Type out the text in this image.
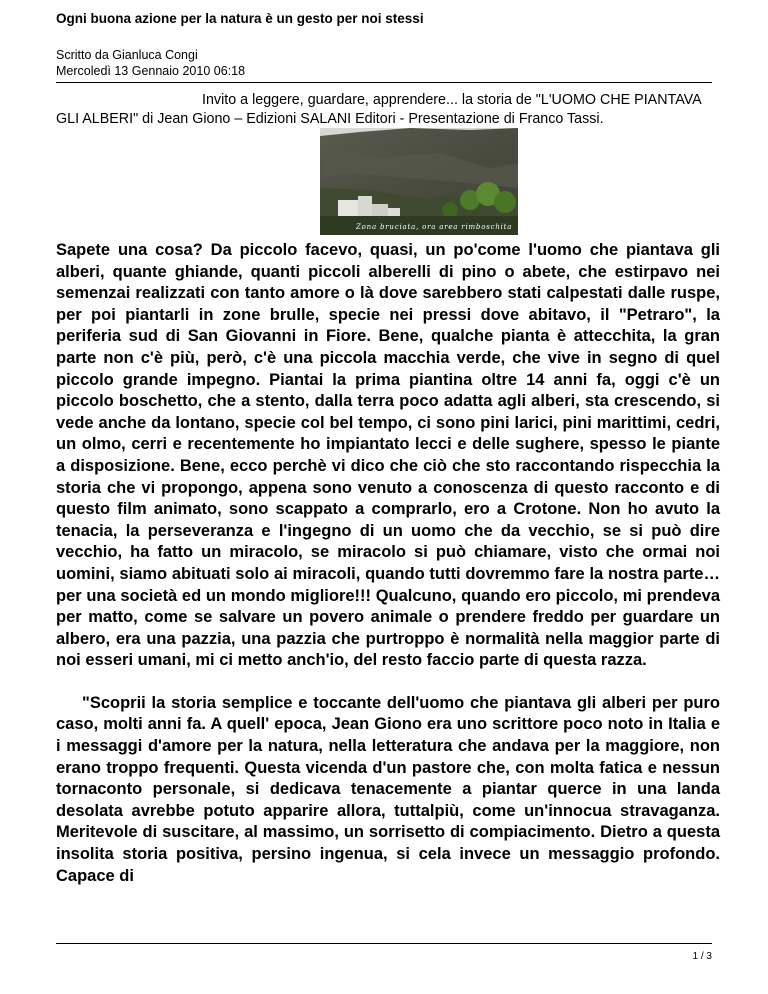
Ogni buona azione per la natura è un gesto per noi stessi
Scritto da Gianluca Congi
Mercoledì 13 Gennaio 2010 06:18
Invito a leggere, guardare, apprendere... la storia de "L'UOMO CHE PIANTAVA GLI ALBERI" di Jean Giono – Edizioni SALANI Editori - Presentazione di Franco Tassi.
Zona bruciata, ora area rimboschita

Sapete una cosa? Da piccolo facevo, quasi, un po'come l'uomo che piantava gli alberi, quante ghiande, quanti piccoli alberelli di pino o abete, che estirpavo nei semenzai realizzati con tanto amore o là dove sarebbero stati calpestati dalle ruspe, per poi piantarli in zone brulle, specie nei pressi dove abitavo, il "Petraro", la periferia sud di San Giovanni in Fiore. Bene, qualche pianta è attecchita, la gran parte non c'è più, però, c'è una piccola macchia verde, che vive in segno di quel piccolo grande impegno. Piantai la prima piantina oltre 14 anni fa, oggi c'è un piccolo boschetto, che a stento, dalla terra poco adatta agli alberi, sta crescendo, si vede anche da lontano, specie col bel tempo, ci sono pini larici, pini marittimi, cedri, un olmo, cerri e recentemente ho impiantato lecci e delle sughere, spesso le piante a disposizione. Bene, ecco perchè vi dico che ciò che sto raccontando rispecchia la storia che vi propongo, appena sono venuto a conoscenza di questo racconto e di questo film animato, sono scappato a comprarlo, ero a Crotone. Non ho avuto la tenacia, la perseveranza e l'ingegno di un uomo che da vecchio, se si può dire vecchio, ha fatto un miracolo, se miracolo si può chiamare, visto che ormai noi uomini, siamo abituati solo ai miracoli, quando tutti dovremmo fare la nostra parte…per una società ed un mondo migliore!!! Qualcuno, quando ero piccolo, mi prendeva per matto, come se salvare un povero animale o prendere freddo per guardare un albero, era una pazzia, una pazzia che purtroppo è normalità nella maggior parte di noi esseri umani, mi ci metto anch'io, del resto faccio parte di questa razza.

"Scoprii la storia semplice e toccante dell'uomo che piantava gli alberi per puro caso, molti anni fa. A quell' epoca, Jean Giono era uno scrittore poco noto in Italia e i messaggi d'amore per la natura, nella letteratura che andava per la maggiore, non erano troppo frequenti. Questa vicenda d'un pastore che, con molta fatica e nessun tornaconto personale, si dedicava tenacemente a piantar querce in una landa desolata avrebbe potuto apparire allora, tuttalpiù, come un'innocua stravaganza. Meritevole di suscitare, al massimo, un sorrisetto di compiacimento. Dietro a questa insolita storia positiva, persino ingenua, si cela invece un messaggio profondo. Capace di

1 / 3
